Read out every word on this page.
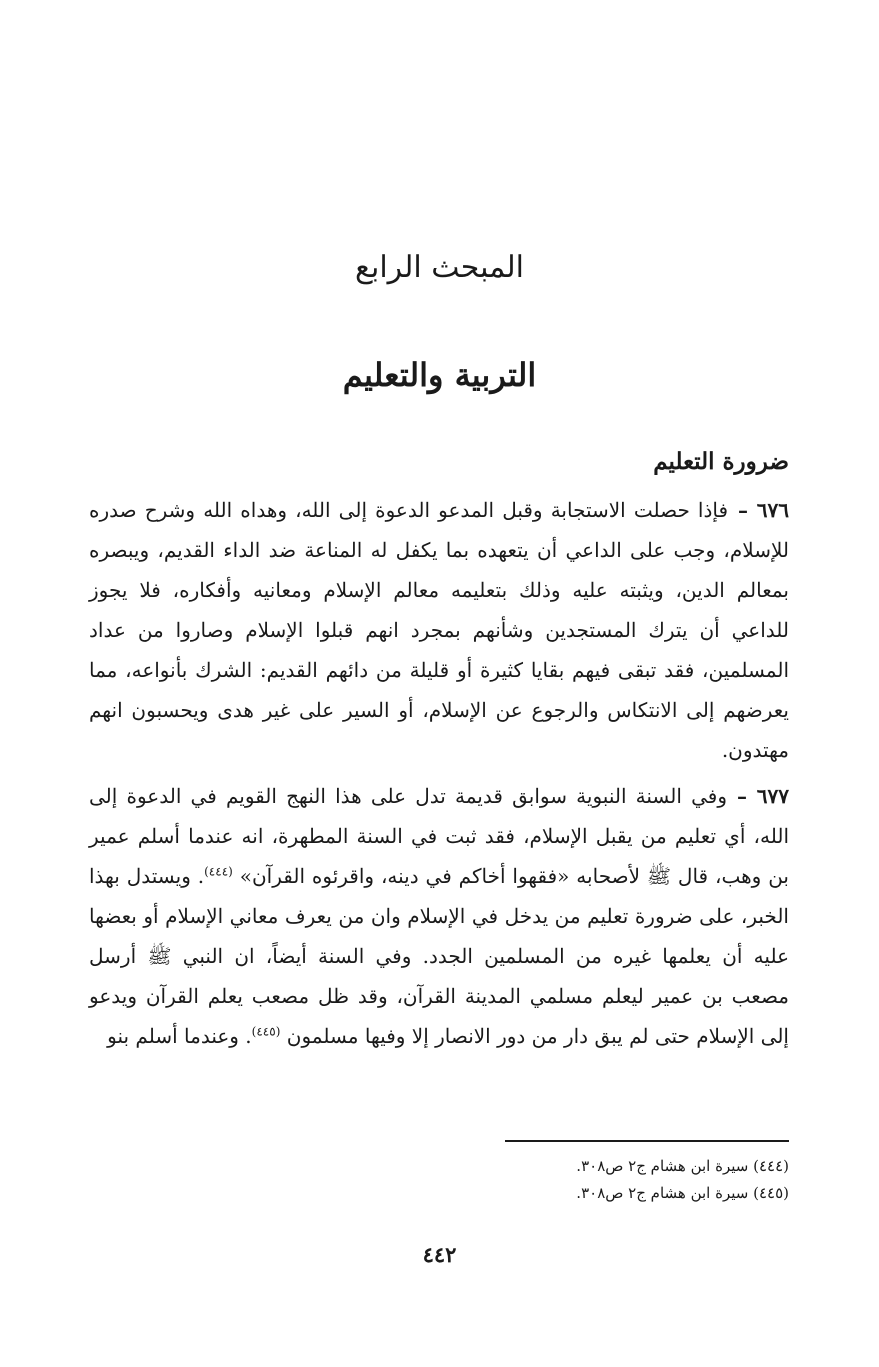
المبحث الرابع
التربية والتعليم
ضرورة التعليم

٦٧٦ –فإذا حصلت الاستجابة وقبل المدعو الدعوة إلى الله، وهداه الله وشرح صدره للإسلام، وجب على الداعي أن يتعهده بما يكفل له المناعة ضد الداء القديم، ويبصره بمعالم الدين، ويثبته عليه وذلك بتعليمه معالم الإسلام ومعانيه وأفكاره، فلا يجوز للداعي أن يترك المستجدين وشأنهم بمجرد انهم قبلوا الإسلام وصاروا من عداد المسلمين، فقد تبقى فيهم بقايا كثيرة أو قليلة من دائهم القديم: الشرك بأنواعه، مما يعرضهم إلى الانتكاس والرجوع عن الإسلام، أو السير على غير هدى ويحسبون انهم مهتدون.

٦٧٧ –وفي السنة النبوية سوابق قديمة تدل على هذا النهج القويم في الدعوة إلى الله، أي تعليم من يقبل الإسلام، فقد ثبت في السنة المطهرة، انه عندما أسلم عمير بن وهب، قال ﷺ لأصحابه «فقهوا أخاكم في دينه، واقرئوه القرآن» $^{(٤٤٤)}$. ويستدل بهذا الخبر، على ضرورة تعليم من يدخل في الإسلام وان من يعرف معاني الإسلام أو بعضها عليه أن يعلمها غيره من المسلمين الجدد. وفي السنة أيضاً، ان النبي ﷺ أرسل مصعب بن عمير ليعلم مسلمي المدينة القرآن، وقد ظل مصعب يعلم القرآن ويدعو إلى الإسلام حتى لم يبق دار من دور الانصار إلا وفيها مسلمون $^{(٤٤٥)}$. وعندما أسلم بنو

(٤٤٤) سيرة ابن هشام ج٢ ص٣٠٨.

(٤٤٥) سيرة ابن هشام ج٢ ص٣٠٨.

٤٤٢
